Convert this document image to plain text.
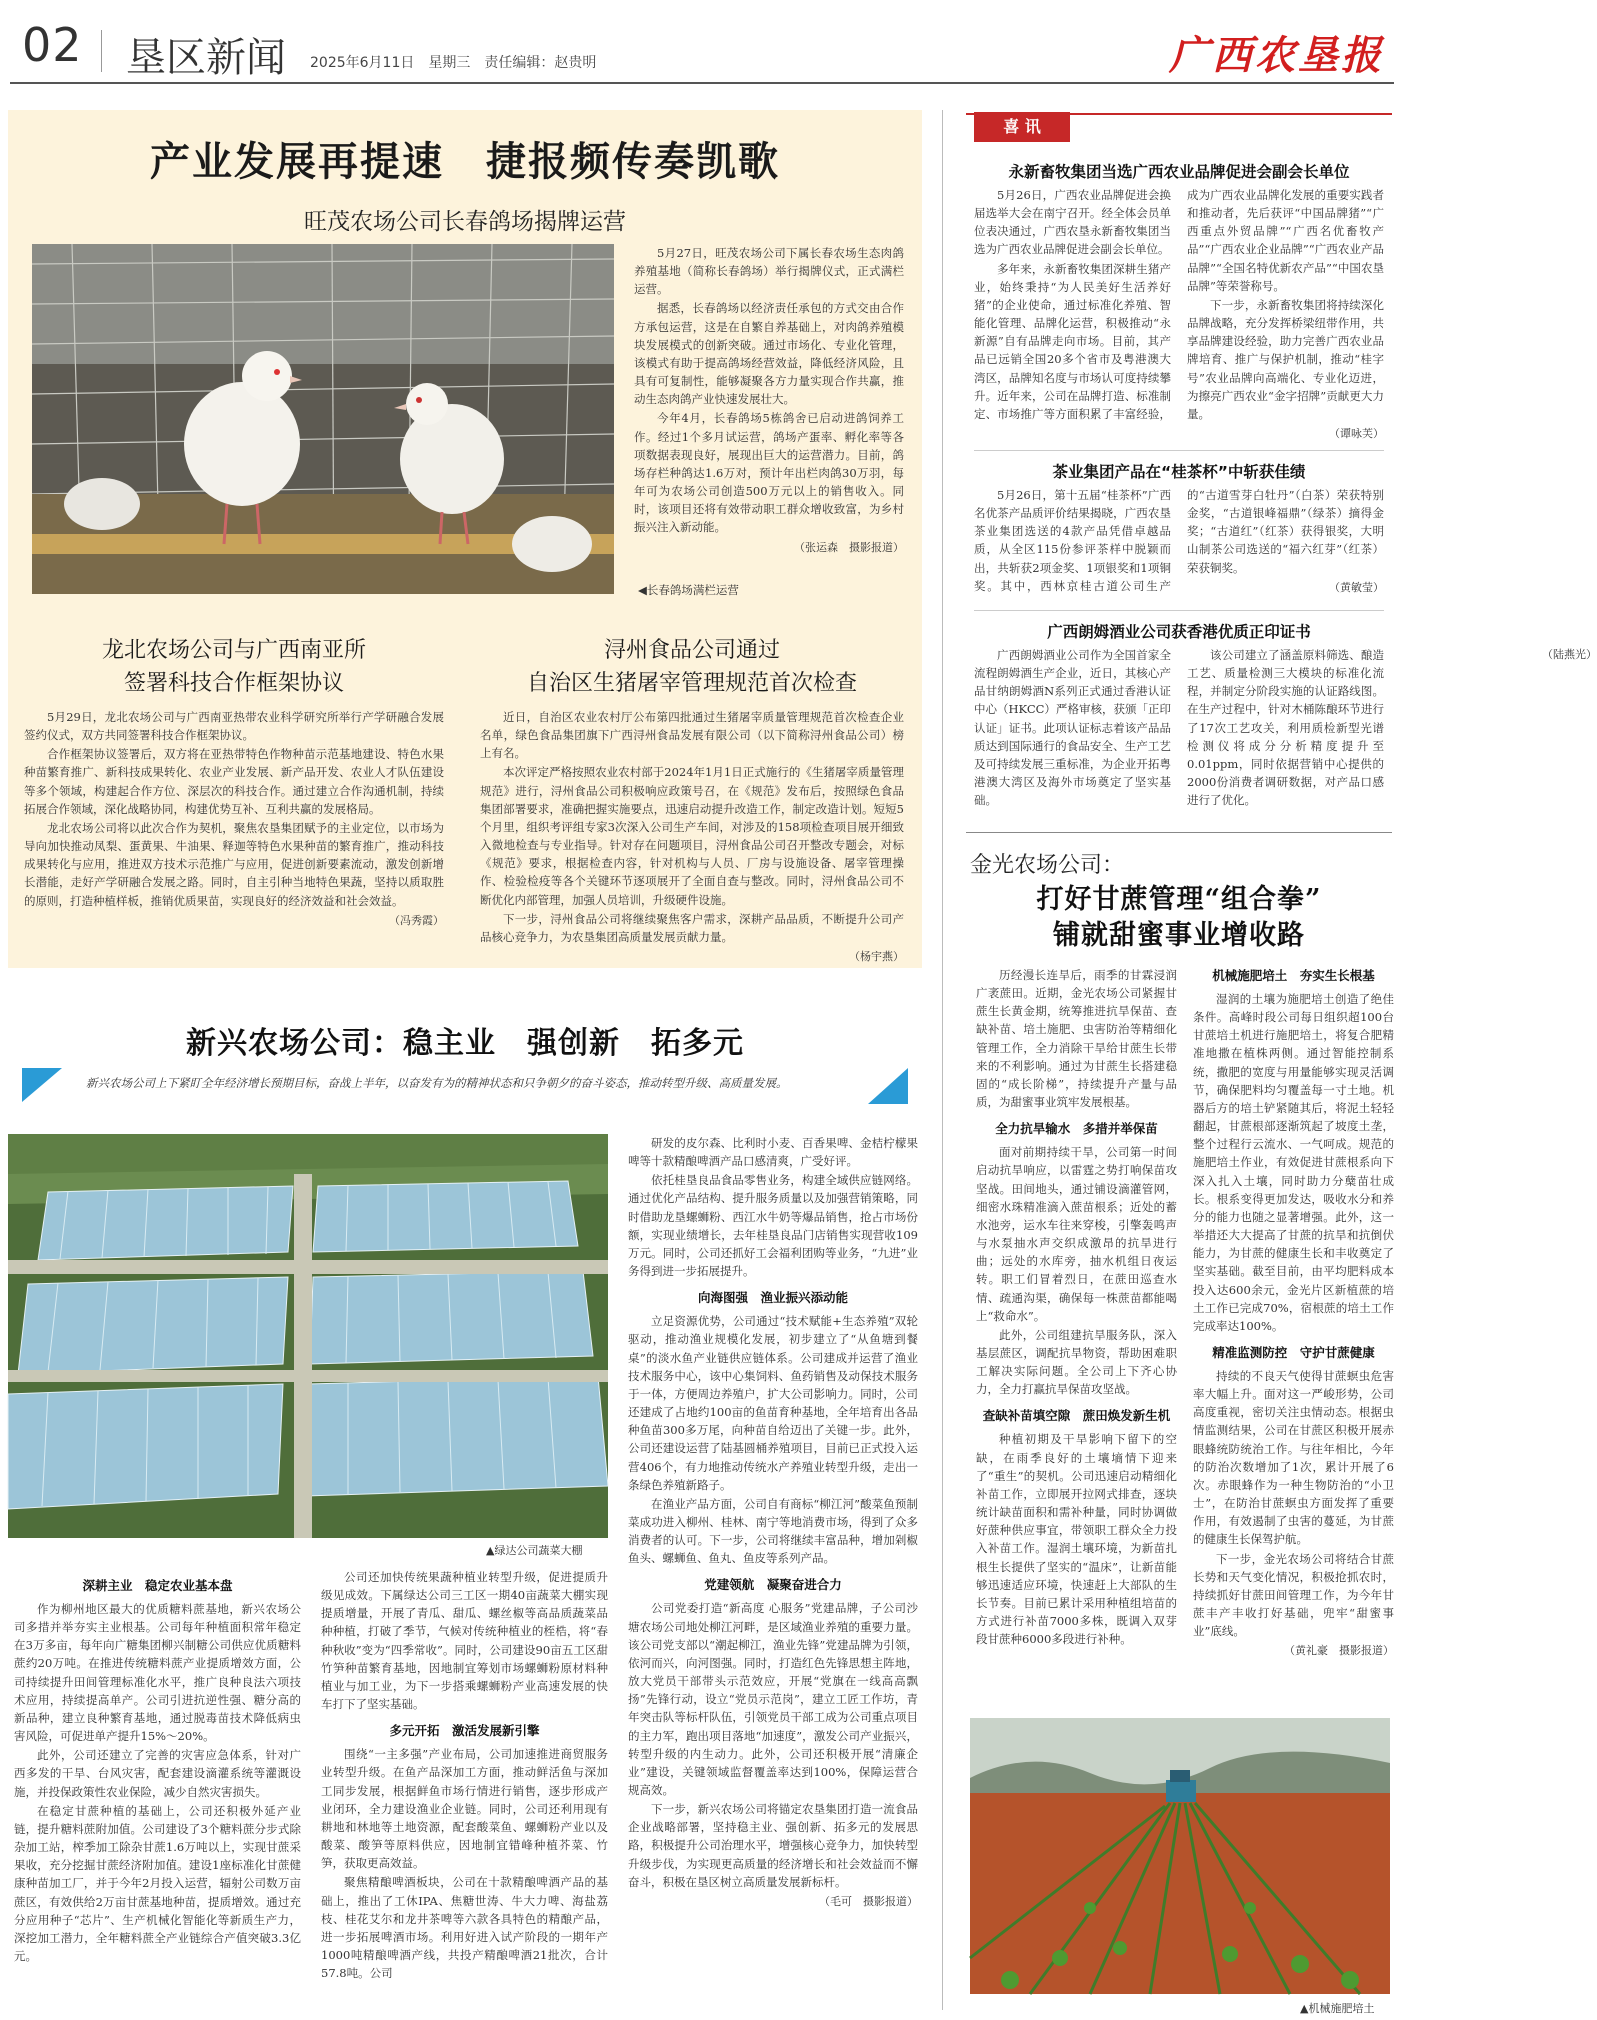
02 垦区新闻 2025年6月11日　星期三　责任编辑：赵贵明	广西农垦报
产业发展再提速　捷报频传奏凯歌
旺茂农场公司长春鸽场揭牌运营
◀长春鸽场满栏运营

5月27日，旺茂农场公司下属长春农场生态肉鸽养殖基地（简称长春鸽场）举行揭牌仪式，正式满栏运营。

据悉，长春鸽场以经济责任承包的方式交由合作方承包运营，这是在自繁自养基础上，对肉鸽养殖模块发展模式的创新突破。通过市场化、专业化管理，该模式有助于提高鸽场经营效益，降低经济风险，且具有可复制性，能够凝聚各方力量实现合作共赢，推动生态肉鸽产业快速发展壮大。

今年4月，长春鸽场5栋鸽舍已启动进鸽饲养工作。经过1个多月试运营，鸽场产蛋率、孵化率等各项数据表现良好，展现出巨大的运营潜力。目前，鸽场存栏种鸽达1.6万对，预计年出栏肉鸽30万羽，每年可为农场公司创造500万元以上的销售收入。同时，该项目还将有效带动职工群众增收致富，为乡村振兴注入新动能。

（张运森　摄影报道）
龙北农场公司与广西南亚所
签署科技合作框架协议

5月29日，龙北农场公司与广西南亚热带农业科学研究所举行产学研融合发展签约仪式，双方共同签署科技合作框架协议。

合作框架协议签署后，双方将在亚热带特色作物种苗示范基地建设、特色水果种苗繁育推广、新科技成果转化、农业产业发展、新产品开发、农业人才队伍建设等多个领域，构建起合作方位、深层次的科技合作。通过建立合作沟通机制，持续拓展合作领域，深化战略协同，构建优势互补、互利共赢的发展格局。

龙北农场公司将以此次合作为契机，聚焦农垦集团赋予的主业定位，以市场为导向加快推动凤梨、蛋黄果、牛油果、释迦等特色水果种苗的繁育推广，推动科技成果转化与应用，推进双方技术示范推广与应用，促进创新要素流动，激发创新增长潜能，走好产学研融合发展之路。同时，自主引种当地特色果蔬，坚持以质取胜的原则，打造种植样板，推销优质果苗，实现良好的经济效益和社会效益。

（冯秀霞）
浔州食品公司通过
自治区生猪屠宰管理规范首次检查

近日，自治区农业农村厅公布第四批通过生猪屠宰质量管理规范首次检查企业名单，绿色食品集团旗下广西浔州食品发展有限公司（以下简称浔州食品公司）榜上有名。

本次评定严格按照农业农村部于2024年1月1日正式施行的《生猪屠宰质量管理规范》进行，浔州食品公司积极响应政策号召，在《规范》发布后，按照绿色食品集团部署要求，准确把握实施要点，迅速启动提升改造工作，制定改造计划。短短5个月里，组织考评组专家3次深入公司生产车间，对涉及的158项检查项目展开细致入微地检查与专业指导。针对存在问题项目，浔州食品公司召开整改专题会，对标《规范》要求，根据检查内容，针对机构与人员、厂房与设施设备、屠宰管理操作、检验检疫等各个关键环节逐项展开了全面自查与整改。同时，浔州食品公司不断优化内部管理，加强人员培训，升级硬件设施。

下一步，浔州食品公司将继续聚焦客户需求，深耕产品品质，不断提升公司产品核心竞争力，为农垦集团高质量发展贡献力量。

（杨宇燕）
喜 讯
永新畜牧集团当选广西农业品牌促进会副会长单位

5月26日，广西农业品牌促进会换届选举大会在南宁召开。经全体会员单位表决通过，广西农垦永新畜牧集团当选为广西农业品牌促进会副会长单位。

多年来，永新畜牧集团深耕生猪产业，始终秉持“为人民美好生活养好猪”的企业使命，通过标准化养殖、智能化管理、品牌化运营，积极推动“永新源”自有品牌走向市场。目前，其产品已远销全国20多个省市及粤港澳大湾区，品牌知名度与市场认可度持续攀升。近年来，公司在品牌打造、标准制定、市场推广等方面积累了丰富经验，成为广西农业品牌化发展的重要实践者和推动者，先后获评“中国品牌猪”“广西重点外贸品牌”“广西名优畜牧产品”“广西农业企业品牌”“广西农业产品品牌”“全国名特优新农产品”“中国农垦品牌”等荣誉称号。

下一步，永新畜牧集团将持续深化品牌战略，充分发挥桥梁纽带作用，共享品牌建设经验，助力完善广西农业品牌培育、推广与保护机制，推动“桂字号”农业品牌向高端化、专业化迈进，为擦亮广西农业“金字招牌”贡献更大力量。

（谭咏芙）
茶业集团产品在“桂茶杯”中斩获佳绩

5月26日，第十五届“桂茶杯”广西名优茶产品质评价结果揭晓，广西农垦茶业集团选送的4款产品凭借卓越品质，从全区115份参评茶样中脱颖而出，共斩获2项金奖、1项银奖和1项铜奖。其中，西林京桂古道公司生产的“古道雪芽白牡丹”（白茶）荣获特别金奖，“古道银峰福鼎”（绿茶）摘得金奖；“古道红”（红茶）获得银奖，大明山制茶公司选送的“福六红芽”（红茶）荣获铜奖。

（黄敏莹）
广西朗姆酒业公司获香港优质正印证书

广西朗姆酒业公司作为全国首家全流程朗姆酒生产企业，近日，其核心产品甘纳朗姆酒N系列正式通过香港认证中心（HKCC）严格审核，获颁「正印认证」证书。此项认证标志着该产品品质达到国际通行的食品安全、生产工艺及可持续发展三重标准，为企业开拓粤港澳大湾区及海外市场奠定了坚实基础。

该公司建立了涵盖原料筛选、酿造工艺、质量检测三大模块的标准化流程，并制定分阶段实施的认证路线图。在生产过程中，针对木桶陈酿环节进行了17次工艺攻关，利用质检新型光谱检测仪将成分分析精度提升至0.01ppm，同时依据营销中心提供的2000份消费者调研数据，对产品口感进行了优化。

（陆燕光）
金光农场公司：
打好甘蔗管理“组合拳”
铺就甜蜜事业增收路

历经漫长连旱后，雨季的甘霖浸润广袤蔗田。近期，金光农场公司紧握甘蔗生长黄金期，统筹推进抗旱保苗、查缺补苗、培土施肥、虫害防治等精细化管理工作，全力消除干旱给甘蔗生长带来的不利影响。通过为甘蔗生长搭建稳固的“成长阶梯”，持续提升产量与品质，为甜蜜事业筑牢发展根基。

全力抗旱输水　多措并举保苗

面对前期持续干旱，公司第一时间启动抗旱响应，以雷霆之势打响保苗攻坚战。田间地头，通过铺设滴灌管网，细密水珠精准滴入蔗苗根系；近处的蓄水池旁，运水车往来穿梭，引擎轰鸣声与水泵抽水声交织成激昂的抗旱进行曲；远处的水库旁，抽水机组日夜运转。职工们冒着烈日，在蔗田巡查水情、疏通沟渠，确保每一株蔗苗都能喝上“救命水”。

此外，公司组建抗旱服务队，深入基层蔗区，调配抗旱物资，帮助困难职工解决实际问题。全公司上下齐心协力，全力打赢抗旱保苗攻坚战。

查缺补苗填空隙　蔗田焕发新生机

种植初期及干旱影响下留下的空缺，在雨季良好的土壤墒情下迎来了“重生”的契机。公司迅速启动精细化补苗工作，立即展开拉网式排查，逐块统计缺苗面积和需补种量，同时协调做好蔗种供应事宜，带领职工群众全力投入补苗工作。湿润土壤环境，为新苗扎根生长提供了坚实的“温床”，让新苗能够迅速适应环境，快速赶上大部队的生长节奏。目前已累计采用种植组培苗的方式进行补苗7000多株，既调入双芽段甘蔗种6000多段进行补种。

机械施肥培土　夯实生长根基

湿润的土壤为施肥培土创造了绝佳条件。高峰时段公司每日组织超100台甘蔗培土机进行施肥培土，将复合肥精准地撒在植株两侧。通过智能控制系统，撒肥的宽度与用量能够实现灵活调节，确保肥料均匀覆盖每一寸土地。机器后方的培土铲紧随其后，将泥土轻轻翻起，甘蔗根部逐渐筑起了坡度土垄，整个过程行云流水、一气呵成。规范的施肥培土作业，有效促进甘蔗根系向下深入扎入土壤，同时助力分蘖苗壮成长。根系变得更加发达，吸收水分和养分的能力也随之显著增强。此外，这一举措还大大提高了甘蔗的抗旱和抗倒伏能力，为甘蔗的健康生长和丰收奠定了坚实基础。截至目前，由平均肥料成本投入达600余元，金光片区新植蔗的培土工作已完成70%，宿根蔗的培土工作完成率达100%。

精准监测防控　守护甘蔗健康

持续的不良天气使得甘蔗螟虫危害率大幅上升。面对这一严峻形势，公司高度重视，密切关注虫情动态。根据虫情监测结果，公司在甘蔗区积极开展赤眼蜂统防统治工作。与往年相比，今年的防治次数增加了1次，累计开展了6次。赤眼蜂作为一种生物防治的“小卫士”，在防治甘蔗螟虫方面发挥了重要作用，有效遏制了虫害的蔓延，为甘蔗的健康生长保驾护航。

下一步，金光农场公司将结合甘蔗长势和天气变化情况，积极抢抓农时，持续抓好甘蔗田间管理工作，为今年甘蔗丰产丰收打好基础，兜牢“甜蜜事业”底线。

（黄礼豪　摄影报道）
▲机械施肥培土
新兴农场公司：稳主业　强创新　拓多元
新兴农场公司上下紧盯全年经济增长预期目标，奋战上半年，以奋发有为的精神状态和只争朝夕的奋斗姿态，推动转型升级、高质量发展。
▲绿达公司蔬菜大棚

研发的皮尔森、比利时小麦、百香果啤、金桔柠檬果啤等十款精酿啤酒产品口感清爽，广受好评。

依托桂垦良品食品零售业务，构建全域供应链网络。通过优化产品结构、提升服务质量以及加强营销策略，同时借助龙垦螺蛳粉、西江水牛奶等爆品销售，抢占市场份额，实现业绩增长，去年桂垦良品门店销售实现营收109万元。同时，公司还抓好工会福利团购等业务，“九进”业务得到进一步拓展提升。

向海图强　渔业振兴添动能

立足资源优势，公司通过“技术赋能+生态养殖”双轮驱动，推动渔业规模化发展，初步建立了“从鱼塘到餐桌”的淡水鱼产业链供应链体系。公司建成并运营了渔业技术服务中心，该中心集饲料、鱼药销售及动保技术服务于一体，方便周边养殖户，扩大公司影响力。同时，公司还建成了占地约100亩的鱼苗育种基地，全年培育出各品种鱼苗300多万尾，向种苗自给迈出了关键一步。此外，公司还建设运营了陆基圆桶养殖项目，目前已正式投入运营406个，有力地推动传统水产养殖业转型升级，走出一条绿色养殖新路子。

在渔业产品方面，公司自有商标“柳江河”酸菜鱼预制菜成功进入柳州、桂林、南宁等地消费市场，得到了众多消费者的认可。下一步，公司将继续丰富品种，增加剁椒鱼头、螺蛳鱼、鱼丸、鱼皮等系列产品。

党建领航　凝聚奋进合力

公司党委打造“新高度 心服务”党建品牌，子公司沙塘农场公司地处柳江河畔，是区域渔业养殖的重要力量。该公司党支部以“潮起柳江，渔业先锋”党建品牌为引领，依河而兴，向河图强。同时，打造红色先锋思想主阵地，放大党员干部带头示范效应，开展“党旗在一线高高飘扬”先锋行动，设立“党员示范岗”，建立工匠工作坊，青年突击队等标杆队伍，引领党员干部工成为公司重点项目的主力军，跑出项目落地“加速度”，激发公司产业振兴，转型升级的内生动力。此外，公司还积极开展“清廉企业”建设，关键领域监督覆盖率达到100%，保障运营合规高效。

下一步，新兴农场公司将锚定农垦集团打造一流食品企业战略部署，坚持稳主业、强创新、拓多元的发展思路，积极提升公司治理水平，增强核心竞争力，加快转型升级步伐，为实现更高质量的经济增长和社会效益而不懈奋斗，积极在垦区树立高质量发展新标杆。

（毛可　摄影报道）
深耕主业　稳定农业基本盘

作为柳州地区最大的优质糖料蔗基地，新兴农场公司多措并举夯实主业根基。公司每年种植面积常年稳定在3万多亩，每年向广糖集团柳兴制糖公司供应优质糖料蔗约20万吨。在推进传统糖料蔗产业提质增效方面，公司持续提升田间管理标准化水平，推广良种良法六项技术应用，持续提高单产。公司引进抗逆性强、糖分高的新品种，建立良种繁育基地，通过脱毒苗技术降低病虫害风险，可促进单产提升15%～20%。

此外，公司还建立了完善的灾害应急体系，针对广西多发的干旱、台风灾害，配套建设滴灌系统等灌溉设施，并投保政策性农业保险，减少自然灾害损失。

在稳定甘蔗种植的基础上，公司还积极外延产业链，提升糖料蔗附加值。公司建设了3个糖料蔗分步式除杂加工站，榨季加工除杂甘蔗1.6万吨以上，实现甘蔗采果收，充分挖掘甘蔗经济附加值。建设1座标准化甘蔗健康种苗加工厂，并于今年2月投入运营，辐射公司数万亩蔗区，有效供给2万亩甘蔗基地种苗，提质增效。通过充分应用种子“芯片”、生产机械化智能化等新质生产力，深挖加工潜力，全年糖料蔗全产业链综合产值突破3.3亿元。

公司还加快传统果蔬种植业转型升级，促进提质升级见成效。下属绿达公司三工区一期40亩蔬菜大棚实现提质增量，开展了青瓜、甜瓜、螺丝椒等高品质蔬菜品种种植，打破了季节，气候对传统种植业的桎梏，将“春种秋收”变为“四季常收”。同时，公司建设90亩五工区甜竹笋种苗繁育基地，因地制宜筹划市场螺蛳粉原材料种植业与加工业，为下一步搭乘螺蛳粉产业高速发展的快车打下了坚实基础。

多元开拓　激活发展新引擎

围绕“一主多强”产业布局，公司加速推进商贸服务业转型升级。在鱼产品深加工方面，推动鲜活鱼与深加工同步发展，根据鲜鱼市场行情进行销售，逐步形成产业闭环，全力建设渔业企业链。同时，公司还利用现有耕地和林地等土地资源，配套酸菜鱼、螺蛳粉产业以及酸菜、酸笋等原料供应，因地制宜错峰种植芥菜、竹笋，获取更高效益。

聚焦精酿啤酒板块，公司在十款精酿啤酒产品的基础上，推出了工休IPA、焦糖世涛、牛大力啤、海盐荔枝、桂花艾尔和龙井茶啤等六款各具特色的精酿产品，进一步拓展啤酒市场。利用好进入试产阶段的一期年产1000吨精酿啤酒产线，共投产精酿啤酒21批次，合计57.8吨。公司
